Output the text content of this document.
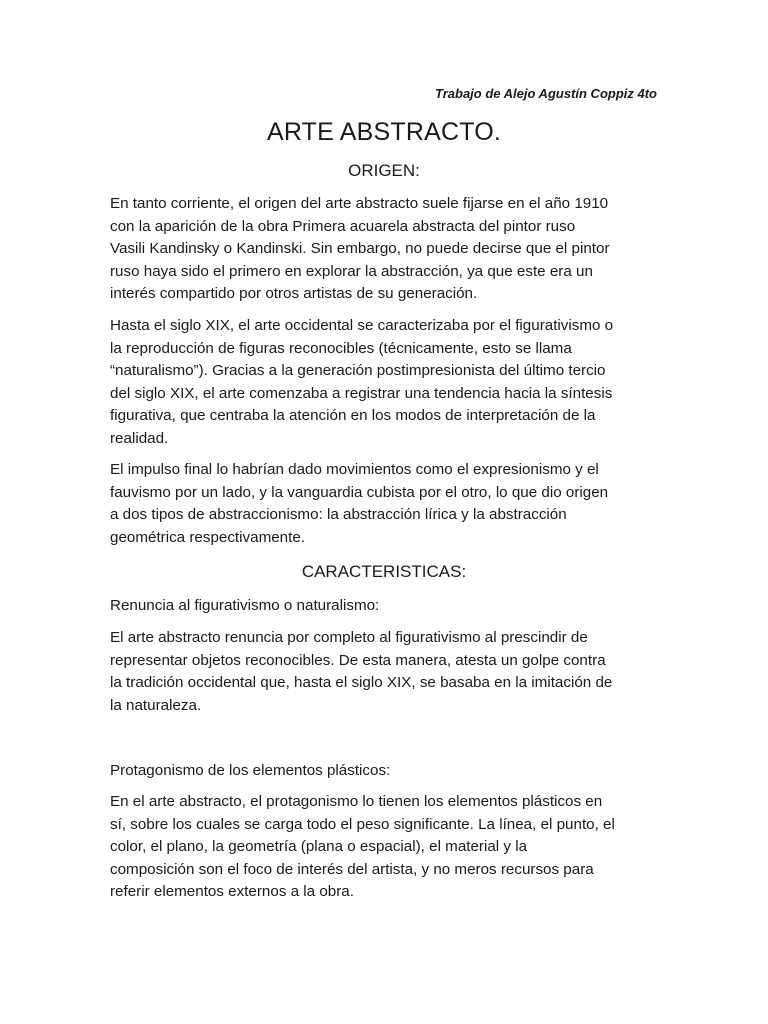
Trabajo de Alejo Agustín Coppiz 4to
ARTE ABSTRACTO.
ORIGEN:
En tanto corriente, el origen del arte abstracto suele fijarse en el año 1910
con la aparición de la obra Primera acuarela abstracta del pintor ruso
Vasili Kandinsky o Kandinski. Sin embargo, no puede decirse que el pintor
ruso haya sido el primero en explorar la abstracción, ya que este era un
interés compartido por otros artistas de su generación.
Hasta el siglo XIX, el arte occidental se caracterizaba por el figurativismo o
la reproducción de figuras reconocibles (técnicamente, esto se llama
“naturalismo”). Gracias a la generación postimpresionista del último tercio
del siglo XIX, el arte comenzaba a registrar una tendencia hacia la síntesis
figurativa, que centraba la atención en los modos de interpretación de la
realidad.
El impulso final lo habrían dado movimientos como el expresionismo y el
fauvismo por un lado, y la vanguardia cubista por el otro, lo que dio origen
a dos tipos de abstraccionismo: la abstracción lírica y la abstracción
geométrica respectivamente.
CARACTERISTICAS:
Renuncia al figurativismo o naturalismo:
El arte abstracto renuncia por completo al figurativismo al prescindir de
representar objetos reconocibles. De esta manera, atesta un golpe contra
la tradición occidental que, hasta el siglo XIX, se basaba en la imitación de
la naturaleza.
Protagonismo de los elementos plásticos:
En el arte abstracto, el protagonismo lo tienen los elementos plásticos en
sí, sobre los cuales se carga todo el peso significante. La línea, el punto, el
color, el plano, la geometría (plana o espacial), el material y la
composición son el foco de interés del artista, y no meros recursos para
referir elementos externos a la obra.
